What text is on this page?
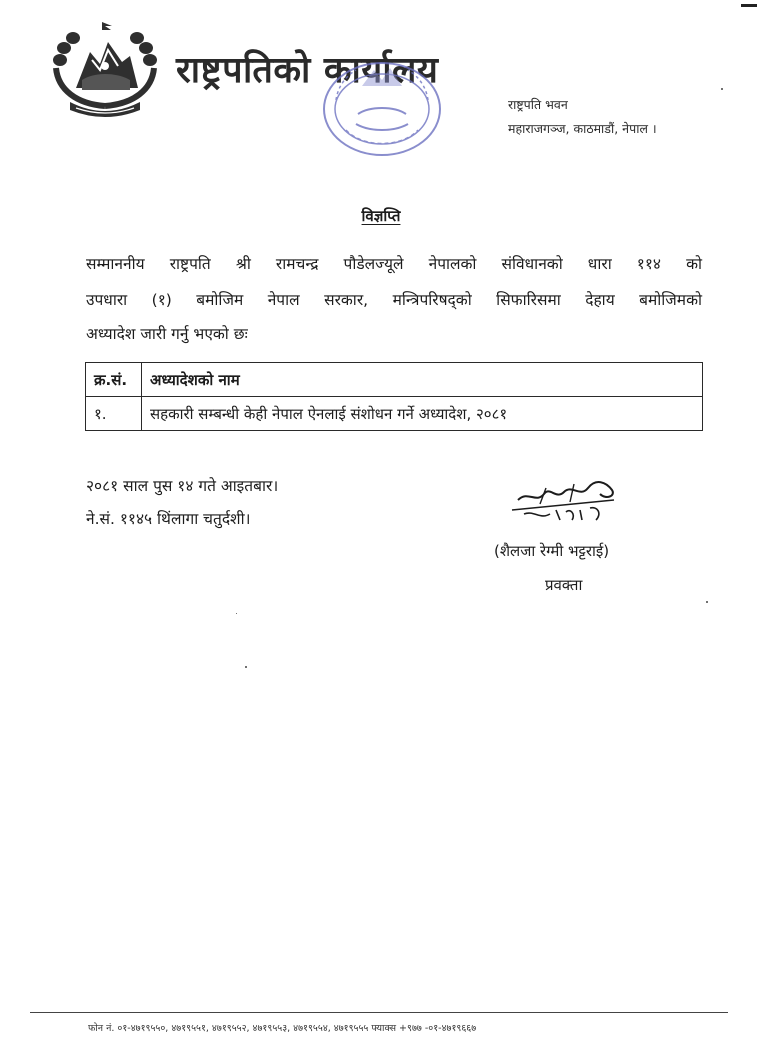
राष्ट्रपतिको कार्यालय
राष्ट्रपति भवन
महाराजगञ्ज, काठमाडौं, नेपाल ।
विज्ञप्ति
सम्माननीय राष्ट्रपति श्री रामचन्द्र पौडेलज्यूले नेपालको संविधानको धारा ११४ को
उपधारा (१) बमोजिम नेपाल सरकार, मन्त्रिपरिषद्को सिफारिसमा देहाय बमोजिमको
अध्यादेश जारी गर्नु भएको छः
क्र.सं.	अध्यादेशको नाम
१.	सहकारी सम्बन्धी केही नेपाल ऐनलाई संशोधन गर्ने अध्यादेश, २०८१
२०८१ साल पुस १४ गते आइतबार।
ने.सं. ११४५ थिंलागा चतुर्दशी।
(शैलजा रेग्मी भट्टराई)
प्रवक्ता
फोन नं. ०१-४७१९५५०, ४७१९५५१, ४७१९५५२, ४७१९५५३, ४७१९५५४, ४७१९५५५ फ्याक्स +९७७ -०१-४७१९६६७
